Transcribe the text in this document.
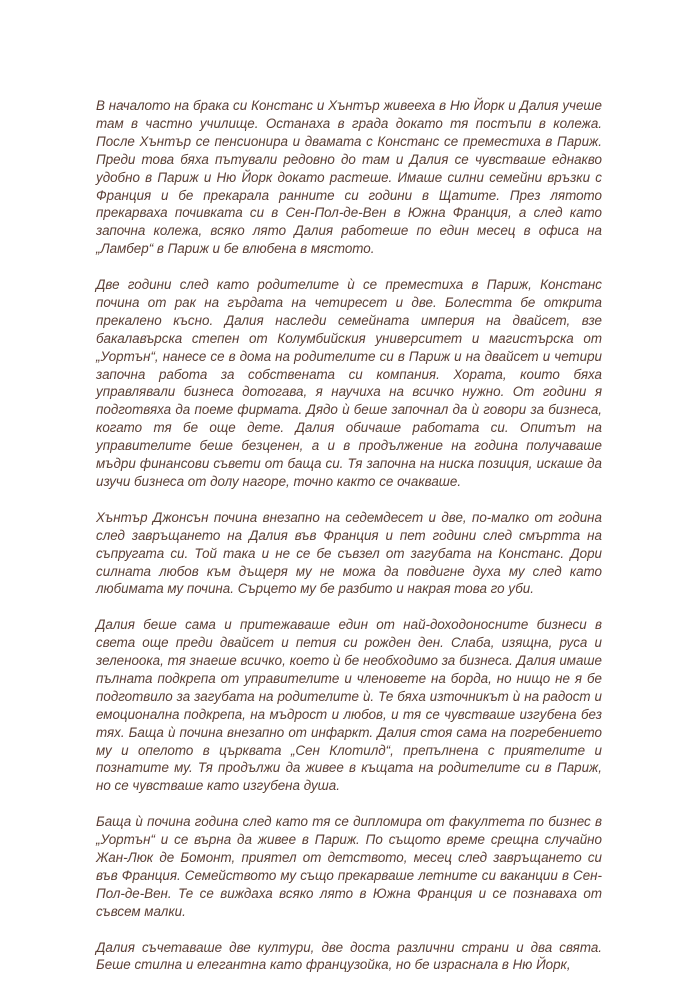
В началото на брака си Констанс и Хънтър живееха в Ню Йорк и Далия учеше там в частно училище. Останаха в града докато тя постъпи в колежа. После Хънтър се пенсионира и двамата с Констанс се преместиха в Париж. Преди това бяха пътували редовно до там и Далия се чувстваше еднакво удобно в Париж и Ню Йорк докато растеше. Имаше силни семейни връзки с Франция и бе прекарала ранните си години в Щатите. През лятото прекарваха почивката си в Сен-Пол-де-Вен в Южна Франция, а след като започна колежа, всяко лято Далия работеше по един месец в офиса на „Ламбер“ в Париж и бе влюбена в мястото.

Две години след като родителите ѝ се преместиха в Париж, Констанс почина от рак на гърдата на четиресет и две. Болестта бе открита прекалено късно. Далия наследи семейната империя на двайсет, взе бакалавърска степен от Колумбийския университет и магистърска от „Уортън“, нанесе се в дома на родителите си в Париж и на двайсет и четири започна работа за собствената си компания. Хората, които бяха управлявали бизнеса дотогава, я научиха на всичко нужно. От години я подготвяха да поеме фирмата. Дядо ѝ беше започнал да ѝ говори за бизнеса, когато тя бе още дете. Далия обичаше работата си. Опитът на управителите беше безценен, а и в продължение на година получаваше мъдри финансови съвети от баща си. Тя започна на ниска позиция, искаше да изучи бизнеса от долу нагоре, точно както се очакваше.

Хънтър Джонсън почина внезапно на седемдесет и две, по-малко от година след завръщането на Далия във Франция и пет години след смъртта на съпругата си. Той така и не се бе съвзел от загубата на Констанс. Дори силната любов към дъщеря му не можа да повдигне духа му след като любимата му почина. Сърцето му бе разбито и накрая това го уби.

Далия беше сама и притежаваше един от най-доходоносните бизнеси в света още преди двайсет и петия си рожден ден. Слаба, изящна, руса и зеленоока, тя знаеше всичко, което ѝ бе необходимо за бизнеса. Далия имаше пълната подкрепа от управителите и членовете на борда, но нищо не я бе подготвило за загубата на родителите ѝ. Те бяха източникът ѝ на радост и емоционална подкрепа, на мъдрост и любов, и тя се чувстваше изгубена без тях. Баща ѝ почина внезапно от инфаркт. Далия стоя сама на погребението му и опелото в църквата „Сен Клотилд“, препълнена с приятелите и познатите му. Тя продължи да живее в къщата на родителите си в Париж, но се чувстваше като изгубена душа.

Баща ѝ почина година след като тя се дипломира от факултета по бизнес в „Уортън“ и се върна да живее в Париж. По същото време срещна случайно Жан-Люк де Бомонт, приятел от детството, месец след завръщането си във Франция. Семейството му също прекарваше летните си ваканции в Сен-Пол-де-Вен. Те се виждаха всяко лято в Южна Франция и се познаваха от съвсем малки.

Далия съчетаваше две култури, две доста различни страни и два свята. Беше стилна и елегантна като французойка, но бе израснала в Ню Йорк,
